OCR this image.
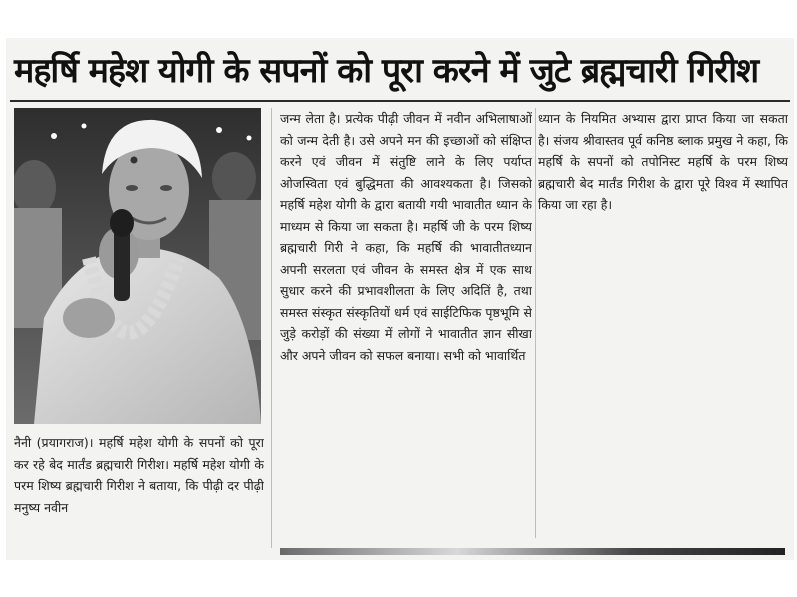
महर्षि महेश योगी के सपनों को पूरा करने में जुटे ब्रह्मचारी गिरीश

नैनी (प्रयागराज)। महर्षि महेश योगी के सपनों को पूरा कर रहे बेद मार्तंड ब्रह्मचारी गिरीश। महर्षि महेश योगी के परम शिष्य ब्रह्मचारी गिरीश ने बताया, कि पीढ़ी दर पीढ़ी मनुष्य नवीन

जन्म लेता है। प्रत्येक पीढ़ी जीवन में नवीन अभिलाषाओं को जन्म देती है। उसे अपने मन की इच्छाओं को संक्षिप्त करने एवं जीवन में संतुष्टि लाने के लिए पर्याप्त ओजस्विता एवं बुद्धिमता की आवश्यकता है। जिसको महर्षि महेश योगी के द्वारा बतायी गयी भावातीत ध्यान के माध्यम से किया जा सकता है। महर्षि जी के परम शिष्य ब्रह्मचारी गिरी ने कहा, कि महर्षि की भावातीतध्यान अपनी सरलता एवं जीवन के समस्त क्षेत्र में एक साथ सुधार करने की प्रभावशीलता के लिए अदितिं है, तथा समस्त संस्कृत संस्कृतियों धर्म एवं साईटिफिक पृष्ठभूमि से जुड़े करोड़ों की संख्या में लोगों ने भावातीत ज्ञान सीखा और अपने जीवन को सफल बनाया। सभी को भावार्थित

ध्यान के नियमित अभ्यास द्वारा प्राप्त किया जा सकता है। संजय श्रीवास्तव पूर्व कनिष्ठ ब्लाक प्रमुख ने कहा, कि महर्षि के सपनों को तपोनिस्ट महर्षि के परम शिष्य ब्रह्मचारी बेद मार्तंड गिरीश के द्वारा पूरे विश्व में स्थापित किया जा रहा है।
